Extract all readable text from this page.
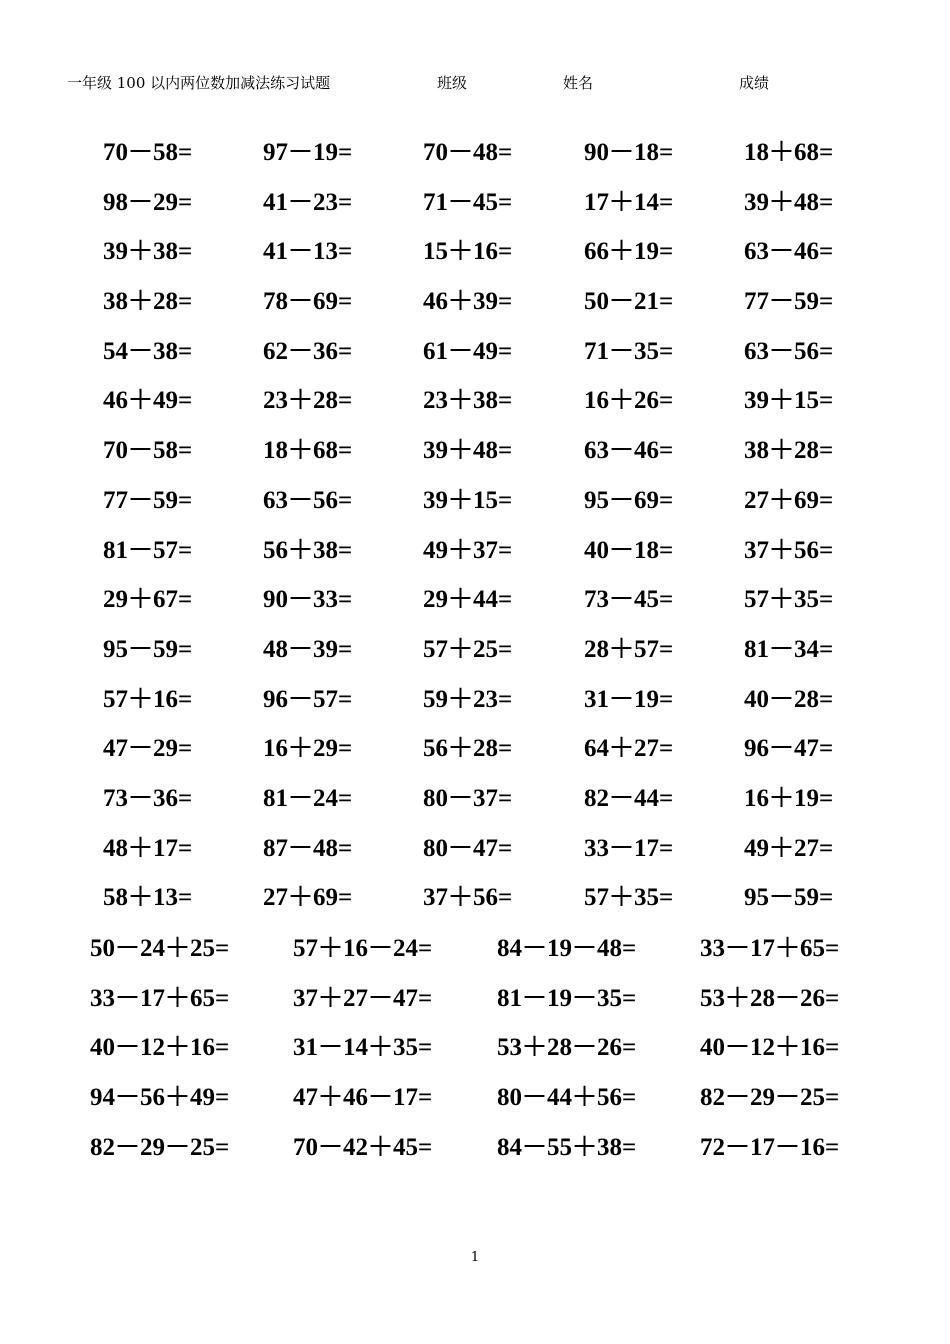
一年级 100 以内两位数加减法练习试题	班级	姓名	成绩
70－58=	97－19=	70－48=	90－18=	18＋68=
98－29=	41－23=	71－45=	17＋14=	39＋48=
39＋38=	41－13=	15＋16=	66＋19=	63－46=
38＋28=	78－69=	46＋39=	50－21=	77－59=
54－38=	62－36=	61－49=	71－35=	63－56=
46＋49=	23＋28=	23＋38=	16＋26=	39＋15=
70－58=	18＋68=	39＋48=	63－46=	38＋28=
77－59=	63－56=	39＋15=	95－69=	27＋69=
81－57=	56＋38=	49＋37=	40－18=	37＋56=
29＋67=	90－33=	29＋44=	73－45=	57＋35=
95－59=	48－39=	57＋25=	28＋57=	81－34=
57＋16=	96－57=	59＋23=	31－19=	40－28=
47－29=	16＋29=	56＋28=	64＋27=	96－47=
73－36=	81－24=	80－37=	82－44=	16＋19=
48＋17=	87－48=	80－47=	33－17=	49＋27=
58＋13=	27＋69=	37＋56=	57＋35=	95－59=
50－24＋25=	57＋16－24=	84－19－48=	33－17＋65=
33－17＋65=	37＋27－47=	81－19－35=	53＋28－26=
40－12＋16=	31－14＋35=	53＋28－26=	40－12＋16=
94－56＋49=	47＋46－17=	80－44＋56=	82－29－25=
82－29－25=	70－42＋45=	84－55＋38=	72－17－16=
1
